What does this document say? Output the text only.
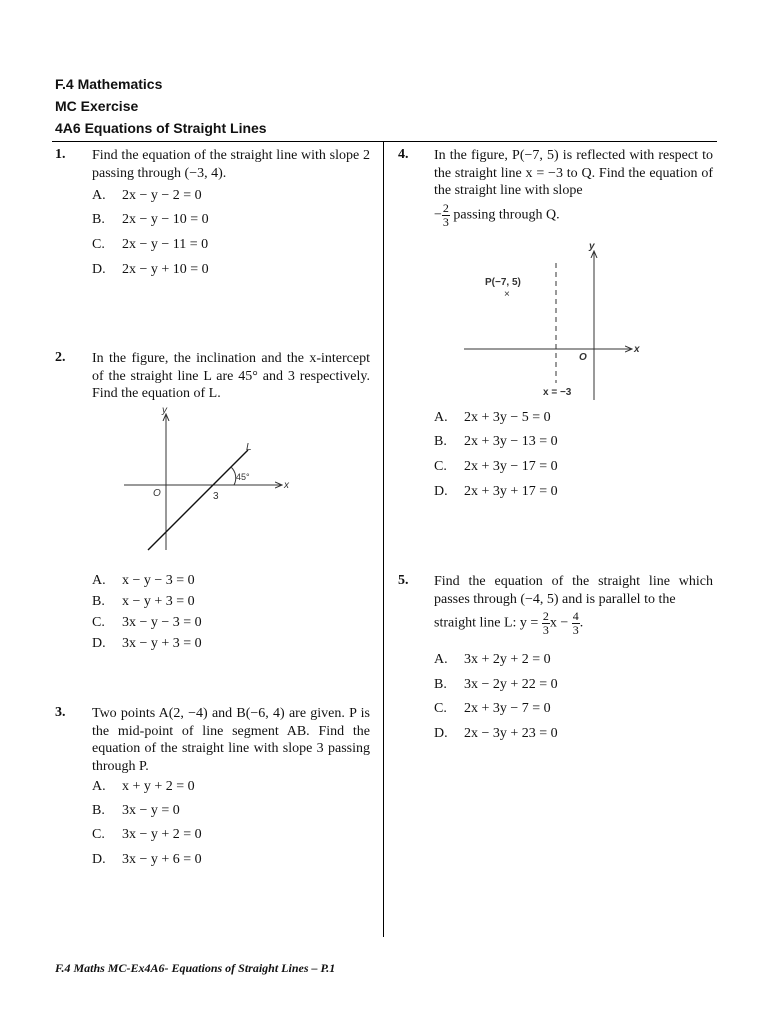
F.4 Mathematics
MC Exercise
4A6 Equations of Straight Lines
1. Find the equation of the straight line with slope 2 passing through (−3, 4).
A. 2x − y − 2 = 0
B. 2x − y − 10 = 0
C. 2x − y − 11 = 0
D. 2x − y + 10 = 0
2. In the figure, the inclination and the x-intercept of the straight line L are 45° and 3 respectively. Find the equation of L.
y
x
O
L
45°
3
A. x − y − 3 = 0
B. x − y + 3 = 0
C. 3x − y − 3 = 0
D. 3x − y + 3 = 0
3. Two points A(2, −4) and B(−6, 4) are given. P is the mid-point of line segment AB. Find the equation of the straight line with slope 3 passing through P.
A. x + y + 2 = 0
B. 3x − y = 0
C. 3x − y + 2 = 0
D. 3x − y + 6 = 0
4. In the figure, P(−7, 5) is reflected with respect to the straight line x = −3 to Q. Find the equation of the straight line with slope
− $\frac{2}{3}$ passing through Q.
y
x
O
P(−7, 5)
×
x = −3
A. 2x + 3y − 5 = 0
B. 2x + 3y − 13 = 0
C. 2x + 3y − 17 = 0
D. 2x + 3y + 17 = 0
5. Find the equation of the straight line which passes through (−4, 5) and is parallel to the
straight line L: $y = \frac{2}{3}$ $x - \frac{4}{3}$ .
A. 3x + 2y + 2 = 0
B. 3x − 2y + 22 = 0
C. 2x + 3y − 7 = 0
D. 2x − 3y + 23 = 0
F.4 Maths MC-Ex4A6- Equations of Straight Lines – P.1
